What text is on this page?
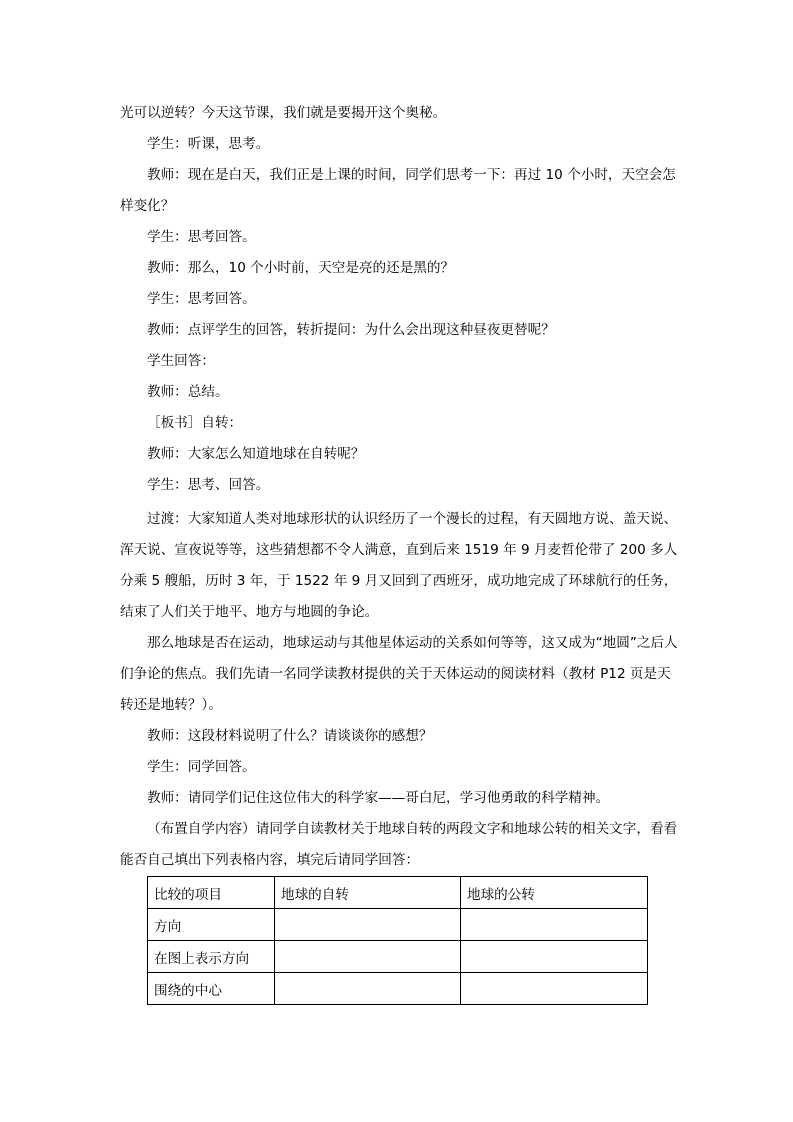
光可以逆转？今天这节课，我们就是要揭开这个奥秘。

学生：听课，思考。

教师：现在是白天，我们正是上课的时间，同学们思考一下：再过 10 个小时，天空会怎样变化？

学生：思考回答。

教师：那么，10 个小时前，天空是亮的还是黑的？

学生：思考回答。

教师：点评学生的回答，转折提问：为什么会出现这种昼夜更替呢？

学生回答：

教师：总结。

［板书］自转：

教师：大家怎么知道地球在自转呢？

学生：思考、回答。

过渡：大家知道人类对地球形状的认识经历了一个漫长的过程，有天圆地方说、盖天说、浑天说、宣夜说等等，这些猜想都不令人满意，直到后来 1519 年 9 月麦哲伦带了 200 多人分乘 5 艘船，历时 3 年，于 1522 年 9 月又回到了西班牙，成功地完成了环球航行的任务，结束了人们关于地平、地方与地圆的争论。

那么地球是否在运动，地球运动与其他星体运动的关系如何等等，这又成为“地圆”之后人们争论的焦点。我们先请一名同学读教材提供的关于天体运动的阅读材料（教材 P12 页是天转还是地转？）。

教师：这段材料说明了什么？请谈谈你的感想？

学生：同学回答。

教师：请同学们记住这位伟大的科学家——哥白尼，学习他勇敢的科学精神。

（布置自学内容）请同学自读教材关于地球自转的两段文字和地球公转的相关文字，看看能否自己填出下列表格内容，填完后请同学回答：

比较的项目	地球的自转	地球的公转
方向		
在图上表示方向		
围绕的中心		
